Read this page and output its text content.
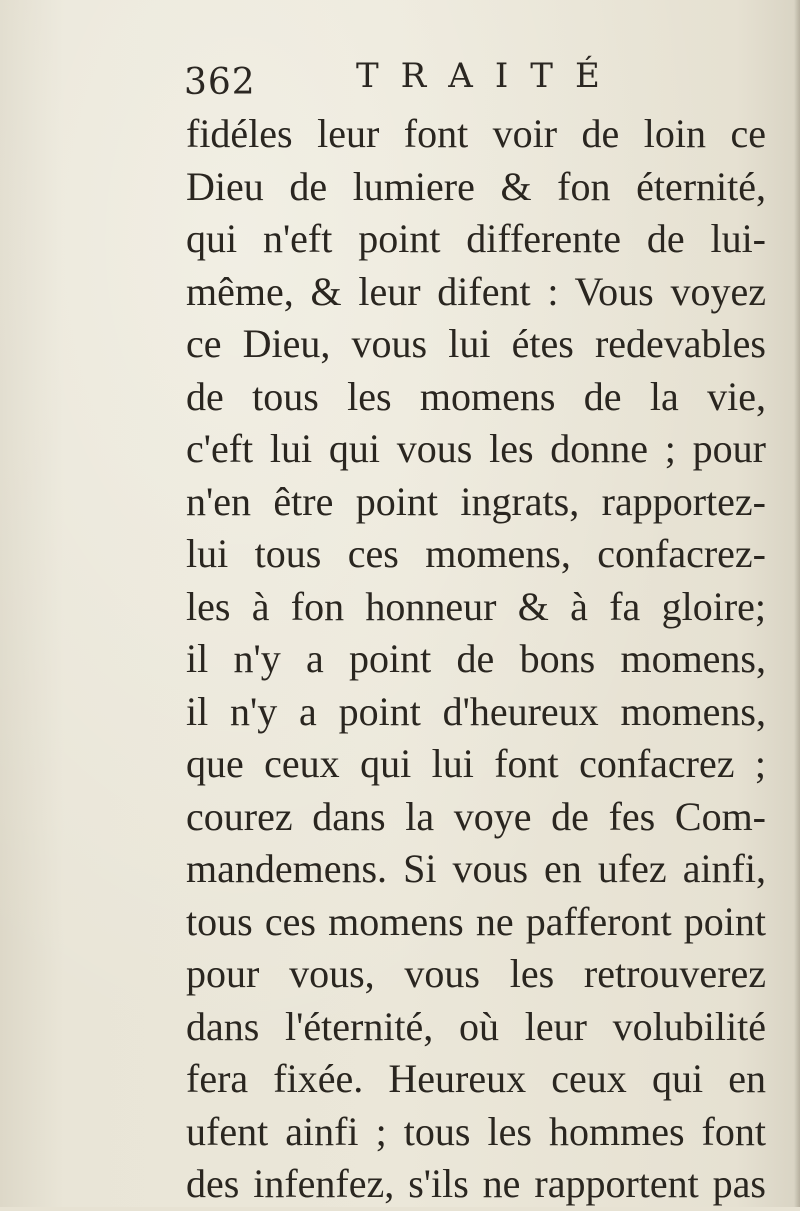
362	TRAITÉ
fidéles leur font voir de loin ce
Dieu de lumiere & fon éternité,
qui n'eft point differente de lui-
même, & leur difent : Vous voyez
ce Dieu, vous lui étes redevables
de tous les momens de la vie,
c'eft lui qui vous les donne ; pour
n'en être point ingrats, rapportez-
lui tous ces momens, confacrez-
les à fon honneur & à fa gloire;
il n'y a point de bons momens,
il n'y a point d'heureux momens,
que ceux qui lui font confacrez ;
courez dans la voye de fes Com-
mandemens. Si vous en ufez ainfi,
tous ces momens ne pafferont point
pour vous, vous les retrouverez
dans l'éternité, où leur volubilité
fera fixée. Heureux ceux qui en
ufent ainfi ; tous les hommes font
des infenfez, s'ils ne rapportent pas
